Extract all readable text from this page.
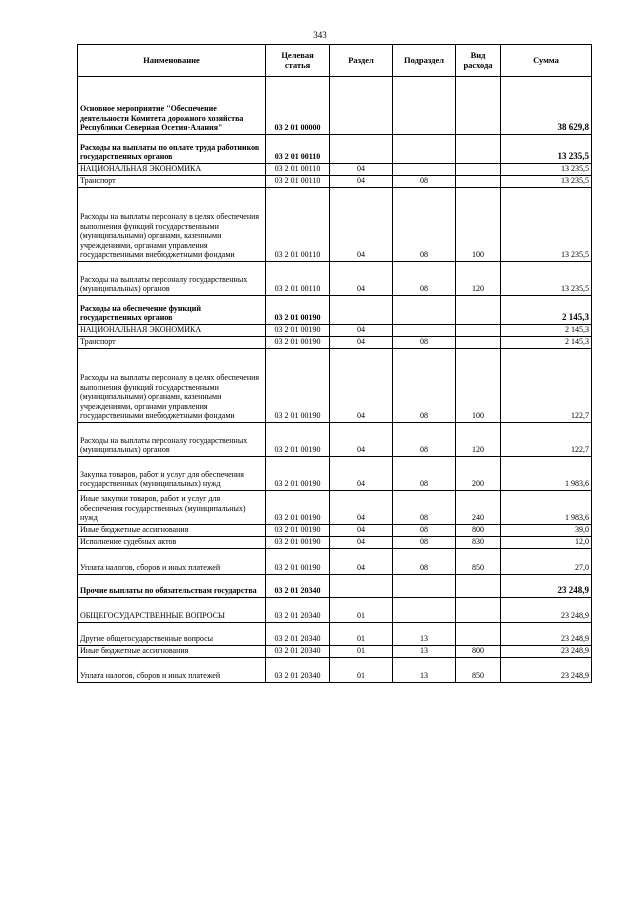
343
Наименование	Целевая статья	Раздел	Подраздел	Вид расхода	Сумма
Основное мероприятие "Обеспечение деятельности Комитета дорожного хозяйства Республики Северная Осетия-Алания"	03 2 01 00000				38 629,8
Расходы на выплаты по оплате труда работников государственных органов	03 2 01 00110				13 235,5
НАЦИОНАЛЬНАЯ ЭКОНОМИКА	03 2 01 00110	04			13 235,5
Транспорт	03 2 01 00110	04	08		13 235,5
Расходы на выплаты персоналу в целях обеспечения выполнения функций государственными (муниципальными) органами, казенными учреждениями, органами управления государственными внебюджетными фондами	03 2 01 00110	04	08	100	13 235,5
Расходы на выплаты персоналу государственных (муниципальных) органов	03 2 01 00110	04	08	120	13 235,5
Расходы на обеспечение функций государственных органов	03 2 01 00190				2 145,3
НАЦИОНАЛЬНАЯ ЭКОНОМИКА	03 2 01 00190	04			2 145,3
Транспорт	03 2 01 00190	04	08		2 145,3
Расходы на выплаты персоналу в целях обеспечения выполнения функций государственными (муниципальными) органами, казенными учреждениями, органами управления государственными внебюджетными фондами	03 2 01 00190	04	08	100	122,7
Расходы на выплаты персоналу государственных (муниципальных) органов	03 2 01 00190	04	08	120	122,7
Закупка товаров, работ и услуг для обеспечения государственных (муниципальных) нужд	03 2 01 00190	04	08	200	1 983,6
Иные закупки товаров, работ и услуг для обеспечения государственных (муниципальных) нужд	03 2 01 00190	04	08	240	1 983,6
Иные бюджетные ассигнования	03 2 01 00190	04	08	800	39,0
Исполнение судебных актов	03 2 01 00190	04	08	830	12,0
Уплата налогов, сборов и иных платежей	03 2 01 00190	04	08	850	27,0
Прочие выплаты по обязательствам государства	03 2 01 20340				23 248,9
ОБЩЕГОСУДАРСТВЕННЫЕ ВОПРОСЫ	03 2 01 20340	01			23 248,9
Другие общегосударственные вопросы	03 2 01 20340	01	13		23 248,9
Иные бюджетные ассигнования	03 2 01 20340	01	13	800	23 248,9
Уплата налогов, сборов и иных платежей	03 2 01 20340	01	13	850	23 248,9
